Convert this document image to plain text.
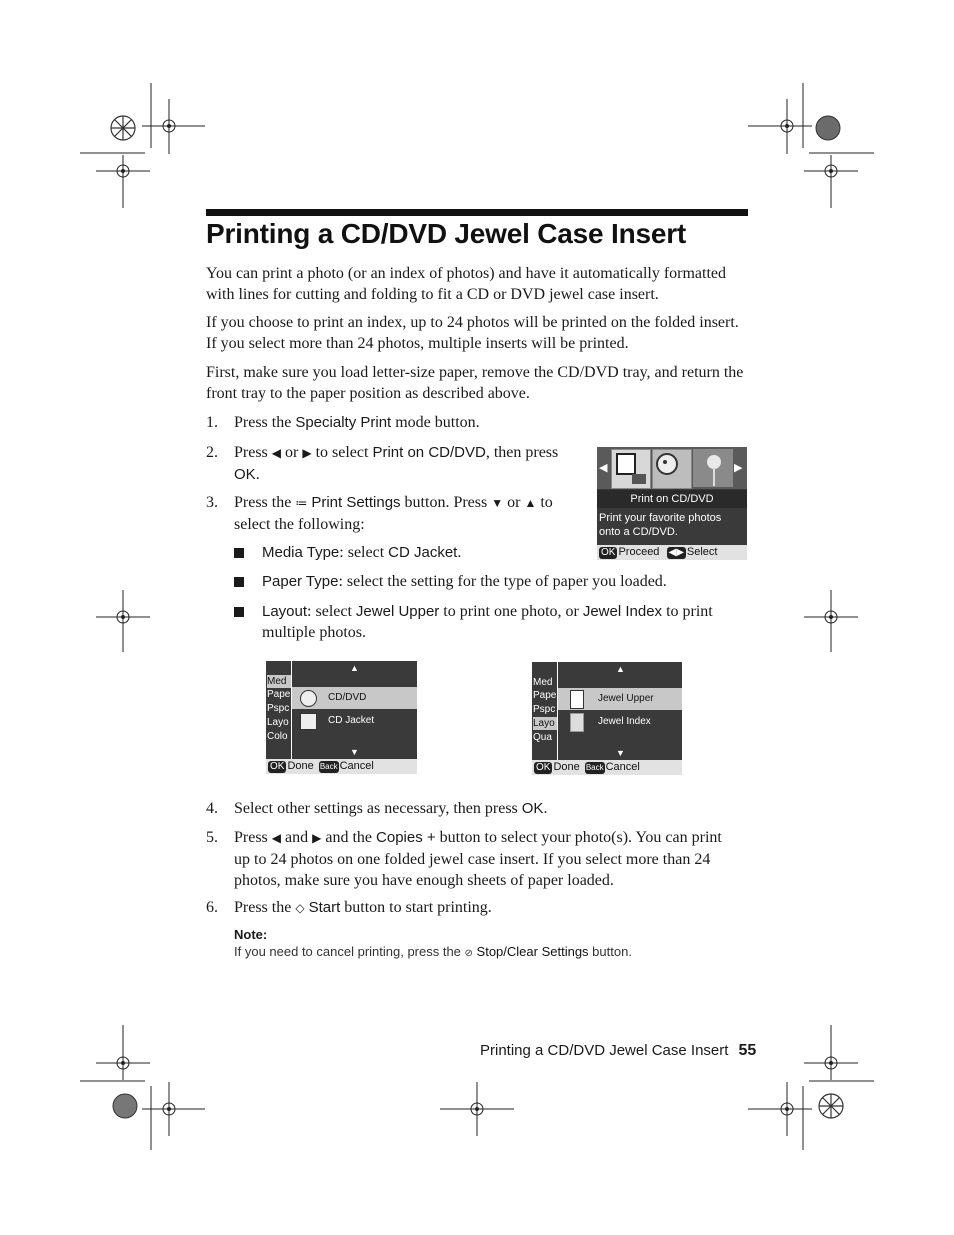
Printing a CD/DVD Jewel Case Insert
You can print a photo (or an index of photos) and have it automatically formatted with lines for cutting and folding to fit a CD or DVD jewel case insert.
If you choose to print an index, up to 24 photos will be printed on the folded insert. If you select more than 24 photos, multiple inserts will be printed.
First, make sure you load letter-size paper, remove the CD/DVD tray, and return the front tray to the paper position as described above.
1. Press the Specialty Print mode button.
2. Press ◀ or ▶ to select Print on CD/DVD, then press
OK.
3. Press the ≔ Print Settings button. Press ▼ or ▲ to
select the following:
◀	▶
Print on CD/DVD
Print your favorite photos
onto a CD/DVD.
OK Proceed ◀▶ Select
Media Type: select CD Jacket.
Paper Type: select the setting for the type of paper you loaded.
Layout: select Jewel Upper to print one photo, or Jewel Index to print
multiple photos.
Med
Pape
Pspc
Layo
Colo
▲
CD/DVD
CD Jacket
▼
OK Done Back Cancel
Med
Pape
Pspc
Layo
Qua
▲
Jewel Upper
Jewel Index
▼
OK Done Back Cancel
4. Select other settings as necessary, then press OK.
5. Press ◀ and ▶ and the Copies + button to select your photo(s). You can print
up to 24 photos on one folded jewel case insert. If you select more than 24
photos, make sure you have enough sheets of paper loaded.
6. Press the ◇ Start button to start printing.
Note:
If you need to cancel printing, press the ⊘ Stop/Clear Settings button.
Printing a CD/DVD Jewel Case Insert 55
